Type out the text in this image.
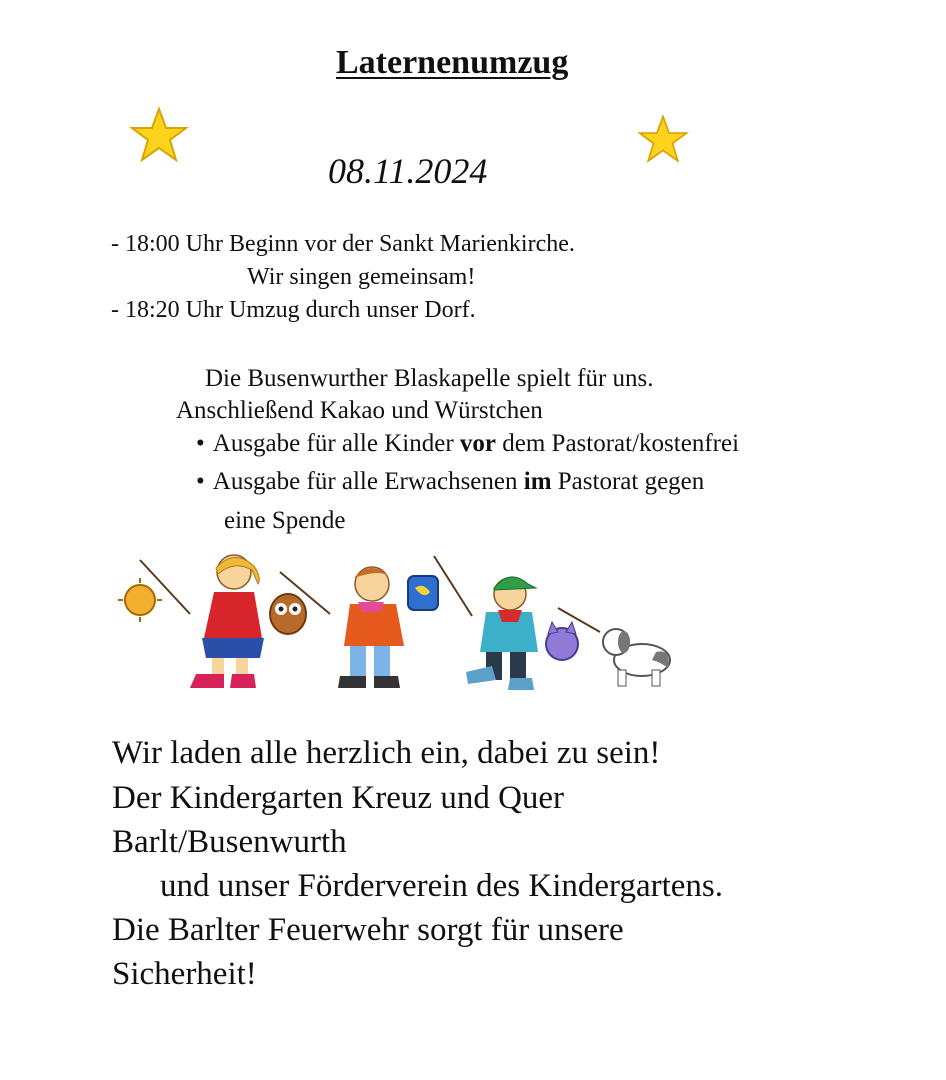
Laternenumzug
08.11.2024
- 18:00 Uhr Beginn vor der Sankt Marienkirche.
Wir singen gemeinsam!
- 18:20 Uhr Umzug durch unser Dorf.
Die Busenwurther Blaskapelle spielt für uns.
Anschließend Kakao und Würstchen
• Ausgabe für alle Kinder vor dem Pastorat/kostenfrei
• Ausgabe für alle Erwachsenen im Pastorat gegen
eine Spende
Wir laden alle herzlich ein, dabei zu sein!
Der Kindergarten Kreuz und Quer
Barlt/Busenwurth
und unser Förderverein des Kindergartens.
Die Barlter Feuerwehr sorgt für unsere
Sicherheit!
